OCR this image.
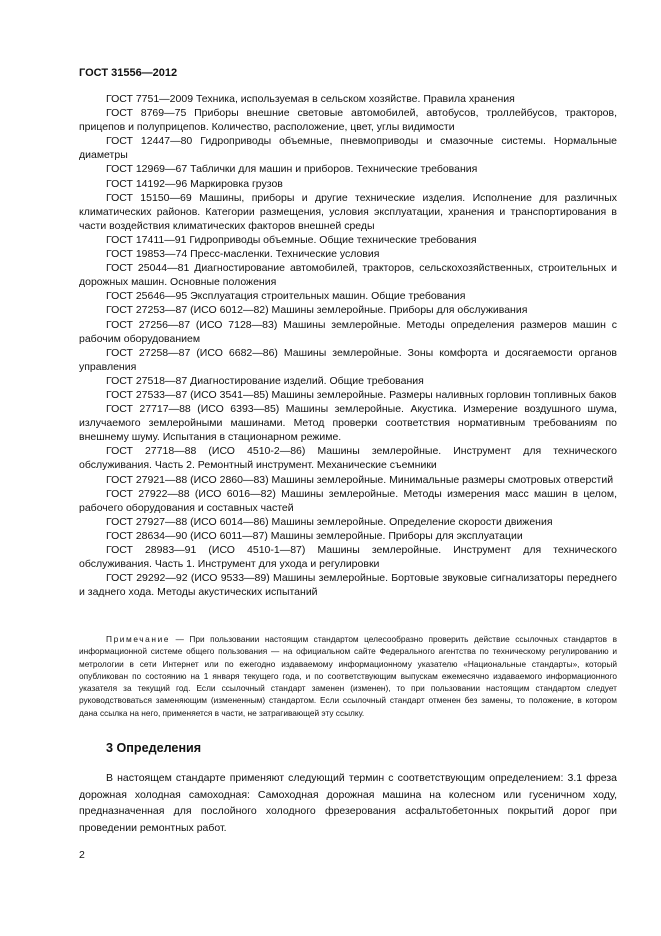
ГОСТ 31556—2012

ГОСТ 7751—2009 Техника, используемая в сельском хозяйстве. Правила хранения

ГОСТ 8769—75 Приборы внешние световые автомобилей, автобусов, троллейбусов, тракторов, прицепов и полуприцепов. Количество, расположение, цвет, углы видимости

ГОСТ 12447—80 Гидроприводы объемные, пневмоприводы и смазочные системы. Нормальные диаметры

ГОСТ 12969—67 Таблички для машин и приборов. Технические требования

ГОСТ 14192—96 Маркировка грузов

ГОСТ 15150—69 Машины, приборы и другие технические изделия. Исполнение для различных климатических районов. Категории размещения, условия эксплуатации, хранения и транспортирования в части воздействия климатических факторов внешней среды

ГОСТ 17411—91 Гидроприводы объемные. Общие технические требования

ГОСТ 19853—74 Пресс-масленки. Технические условия

ГОСТ 25044—81 Диагностирование автомобилей, тракторов, сельскохозяйственных, строительных и дорожных машин. Основные положения

ГОСТ 25646—95 Эксплуатация строительных машин. Общие требования

ГОСТ 27253—87 (ИСО 6012—82) Машины землеройные. Приборы для обслуживания

ГОСТ 27256—87 (ИСО 7128—83) Машины землеройные. Методы определения размеров машин с рабочим оборудованием

ГОСТ 27258—87 (ИСО 6682—86) Машины землеройные. Зоны комфорта и досягаемости органов управления

ГОСТ 27518—87 Диагностирование изделий. Общие требования

ГОСТ 27533—87 (ИСО 3541—85) Машины землеройные. Размеры наливных горловин топливных баков

ГОСТ 27717—88 (ИСО 6393—85) Машины землеройные. Акустика. Измерение воздушного шума, излучаемого землеройными машинами. Метод проверки соответствия нормативным требованиям по внешнему шуму. Испытания в стационарном режиме.

ГОСТ 27718—88 (ИСО 4510-2—86) Машины землеройные. Инструмент для технического обслуживания. Часть 2. Ремонтный инструмент. Механические съемники

ГОСТ 27921—88 (ИСО 2860—83) Машины землеройные. Минимальные размеры смотровых отверстий

ГОСТ 27922—88 (ИСО 6016—82) Машины землеройные. Методы измерения масс машин в целом, рабочего оборудования и составных частей

ГОСТ 27927—88 (ИСО 6014—86) Машины землеройные. Определение скорости движения

ГОСТ 28634—90 (ИСО 6011—87) Машины землеройные. Приборы для эксплуатации

ГОСТ 28983—91 (ИСО 4510-1—87) Машины землеройные. Инструмент для технического обслуживания. Часть 1. Инструмент для ухода и регулировки

ГОСТ 29292—92 (ИСО 9533—89) Машины землеройные. Бортовые звуковые сигнализаторы переднего и заднего хода. Методы акустических испытаний

Примечание — При пользовании настоящим стандартом целесообразно проверить действие ссылочных стандартов в информационной системе общего пользования — на официальном сайте Федерального агентства по техническому регулированию и метрологии в сети Интернет или по ежегодно издаваемому информационному указателю «Национальные стандарты», который опубликован по состоянию на 1 января текущего года, и по соответствующим выпускам ежемесячно издаваемого информационного указателя за текущий год. Если ссылочный стандарт заменен (изменен), то при пользовании настоящим стандартом следует руководствоваться заменяющим (измененным) стандартом. Если ссылочный стандарт отменен без замены, то положение, в котором дана ссылка на него, применяется в части, не затрагивающей эту ссылку.

3 Определения

В настоящем стандарте применяют следующий термин с соответствующим определением: 3.1 фреза дорожная холодная самоходная: Самоходная дорожная машина на колесном или гусеничном ходу, предназначенная для послойного холодного фрезерования асфальтобетонных покрытий дорог при проведении ремонтных работ.

2
